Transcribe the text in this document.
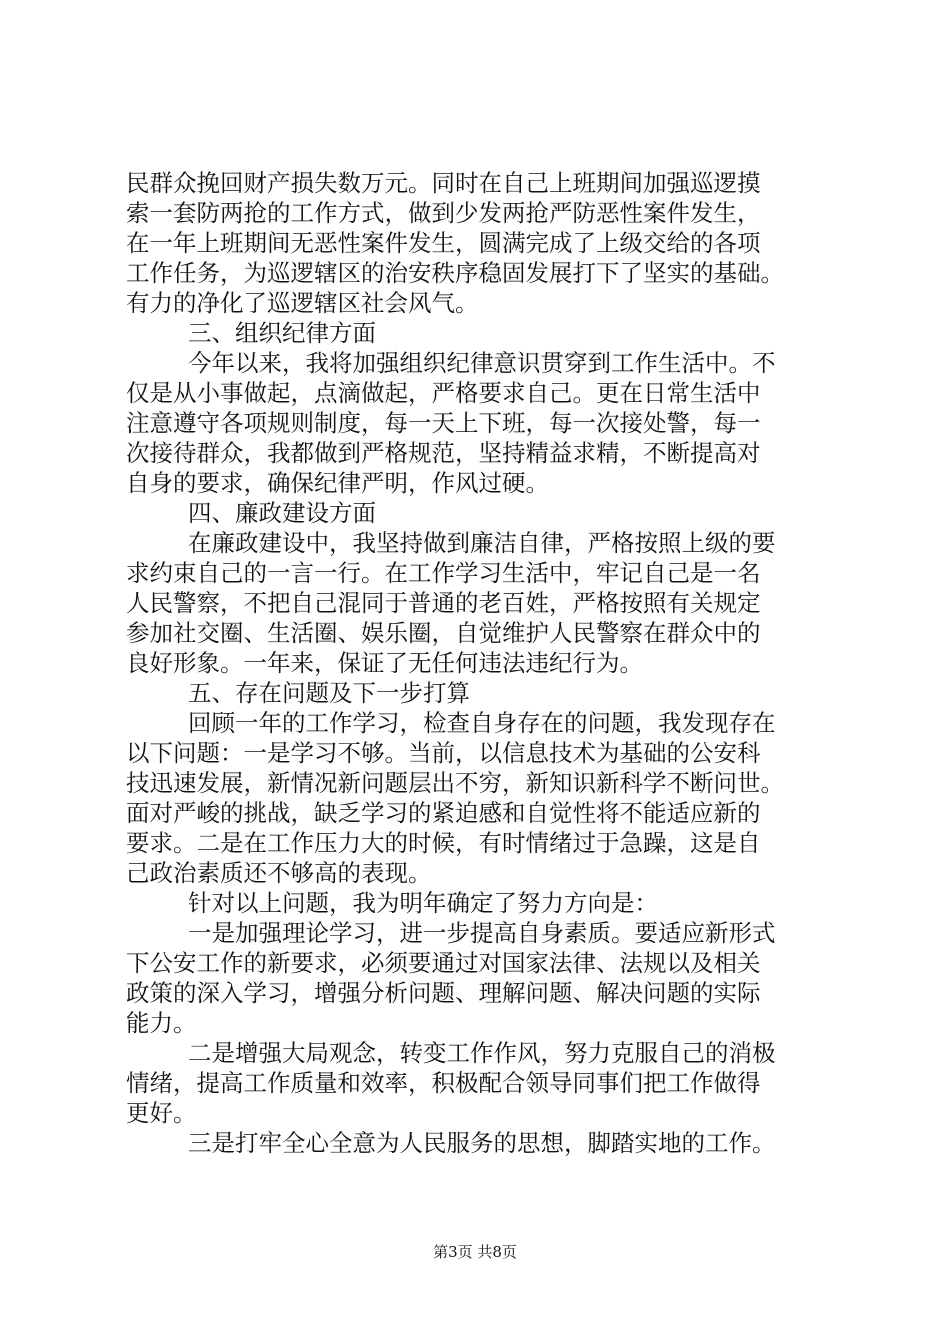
民群众挽回财产损失数万元。同时在自己上班期间加强巡逻摸
索一套防两抢的工作方式，做到少发两抢严防恶性案件发生，
在一年上班期间无恶性案件发生，圆满完成了上级交给的各项
工作任务，为巡逻辖区的治安秩序稳固发展打下了坚实的基础。
有力的净化了巡逻辖区社会风气。
三、组织纪律方面
今年以来，我将加强组织纪律意识贯穿到工作生活中。不
仅是从小事做起，点滴做起，严格要求自己。更在日常生活中
注意遵守各项规则制度，每一天上下班，每一次接处警，每一
次接待群众，我都做到严格规范，坚持精益求精，不断提高对
自身的要求，确保纪律严明，作风过硬。
四、廉政建设方面
在廉政建设中，我坚持做到廉洁自律，严格按照上级的要
求约束自己的一言一行。在工作学习生活中，牢记自己是一名
人民警察，不把自己混同于普通的老百姓，严格按照有关规定
参加社交圈、生活圈、娱乐圈，自觉维护人民警察在群众中的
良好形象。一年来，保证了无任何违法违纪行为。
五、存在问题及下一步打算
回顾一年的工作学习，检查自身存在的问题，我发现存在
以下问题：一是学习不够。当前，以信息技术为基础的公安科
技迅速发展，新情况新问题层出不穷，新知识新科学不断问世。
面对严峻的挑战，缺乏学习的紧迫感和自觉性将不能适应新的
要求。二是在工作压力大的时候，有时情绪过于急躁，这是自
己政治素质还不够高的表现。
针对以上问题，我为明年确定了努力方向是：
一是加强理论学习，进一步提高自身素质。要适应新形式
下公安工作的新要求，必须要通过对国家法律、法规以及相关
政策的深入学习，增强分析问题、理解问题、解决问题的实际
能力。
二是增强大局观念，转变工作作风，努力克服自己的消极
情绪，提高工作质量和效率，积极配合领导同事们把工作做得
更好。
三是打牢全心全意为人民服务的思想，脚踏实地的工作。
第3页 共8页
